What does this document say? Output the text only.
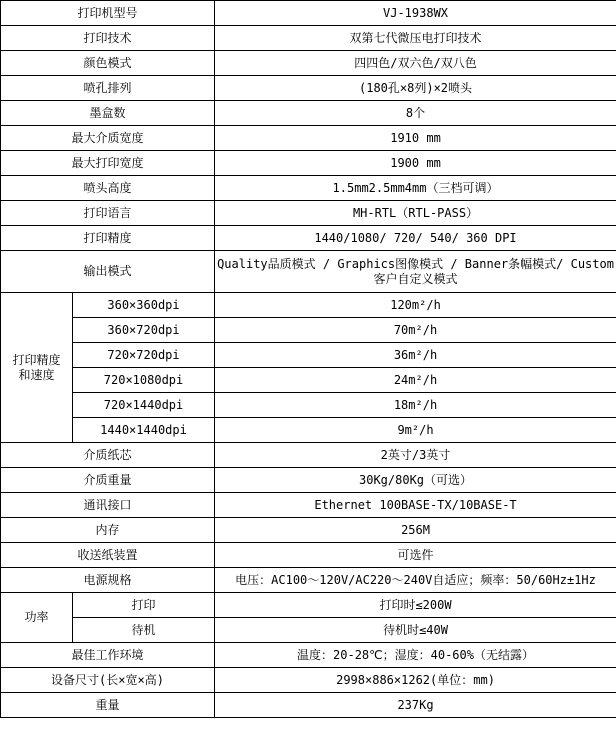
打印机型号		VJ-1938WX
打印技术		双第七代微压电打印技术
颜色模式		四四色/双六色/双八色
喷孔排列		(180孔×8列)×2喷头
墨盒数		8个
最大介质宽度		1910 mm
最大打印宽度		1900 mm
喷头高度		1.5mm2.5mm4mm（三档可调）
打印语言		MH-RTL（RTL-PASS）
打印精度		1440/1080/ 720/ 540/ 360 DPI
输出模式		Quality品质模式 / Graphics图像模式 / Banner条幅模式/ Custom客户自定义模式
打印精度和速度	360×360dpi	120m²/h
	360×720dpi	70m²/h
	720×720dpi	36m²/h
	720×1080dpi	24m²/h
	720×1440dpi	18m²/h
	1440×1440dpi	9m²/h
介质纸芯		2英寸/3英寸
介质重量		30Kg/80Kg（可选）
通讯接口		Ethernet 100BASE-TX/10BASE-T
内存		256M
收送纸装置		可选件
电源规格		电压：AC100～120V/AC220～240V自适应；频率：50/60Hz±1Hz
功率	打印	打印时≤200W
	待机	待机时≤40W
最佳工作环境		温度：20-28℃；湿度：40-60%（无结露）
设备尺寸(长×宽×高)		2998×886×1262(单位：mm)
重量		237Kg
